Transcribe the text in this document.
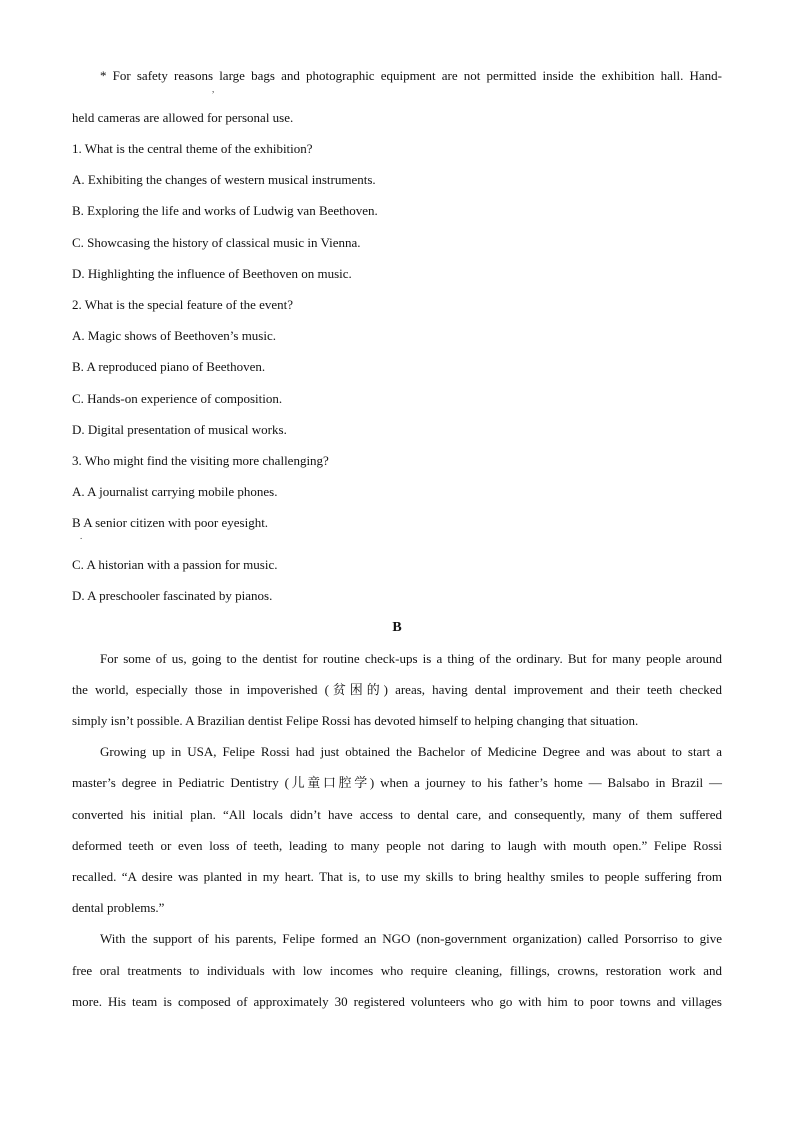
* For safety reasons large bags and photographic equipment are not permitted inside the exhibition hall. Hand-
,
held cameras are allowed for personal use.
1. What is the central theme of the exhibition?
A. Exhibiting the changes of western musical instruments.
B. Exploring the life and works of Ludwig van Beethoven.
C. Showcasing the history of classical music in Vienna.
D. Highlighting the influence of Beethoven on music.
2. What is the special feature of the event?
A. Magic shows of Beethoven’s music.
B. A reproduced piano of Beethoven.
C. Hands-on experience of composition.
D. Digital presentation of musical works.
3. Who might find the visiting more challenging?
A. A journalist carrying mobile phones.
B A senior citizen with poor eyesight.
.
C. A historian with a passion for music.
D. A preschooler fascinated by pianos.
B
For some of us, going to the dentist for routine check-ups is a thing of the ordinary. But for many people around
the world, especially those in impoverished (贫困的) areas, having dental improvement and their teeth checked
simply isn’t possible. A Brazilian dentist Felipe Rossi has devoted himself to helping changing that situation.
Growing up in USA, Felipe Rossi had just obtained the Bachelor of Medicine Degree and was about to start a
master’s degree in Pediatric Dentistry (儿童口腔学) when a journey to his father’s home — Balsabo in Brazil —
converted his initial plan. “All locals didn’t have access to dental care, and consequently, many of them suffered
deformed teeth or even loss of teeth, leading to many people not daring to laugh with mouth open.” Felipe Rossi
recalled. “A desire was planted in my heart. That is, to use my skills to bring healthy smiles to people suffering from
dental problems.”
With the support of his parents, Felipe formed an NGO (non-government organization) called Porsorriso to give
free oral treatments to individuals with low incomes who require cleaning, fillings, crowns, restoration work and
more. His team is composed of approximately 30 registered volunteers who go with him to poor towns and villages
